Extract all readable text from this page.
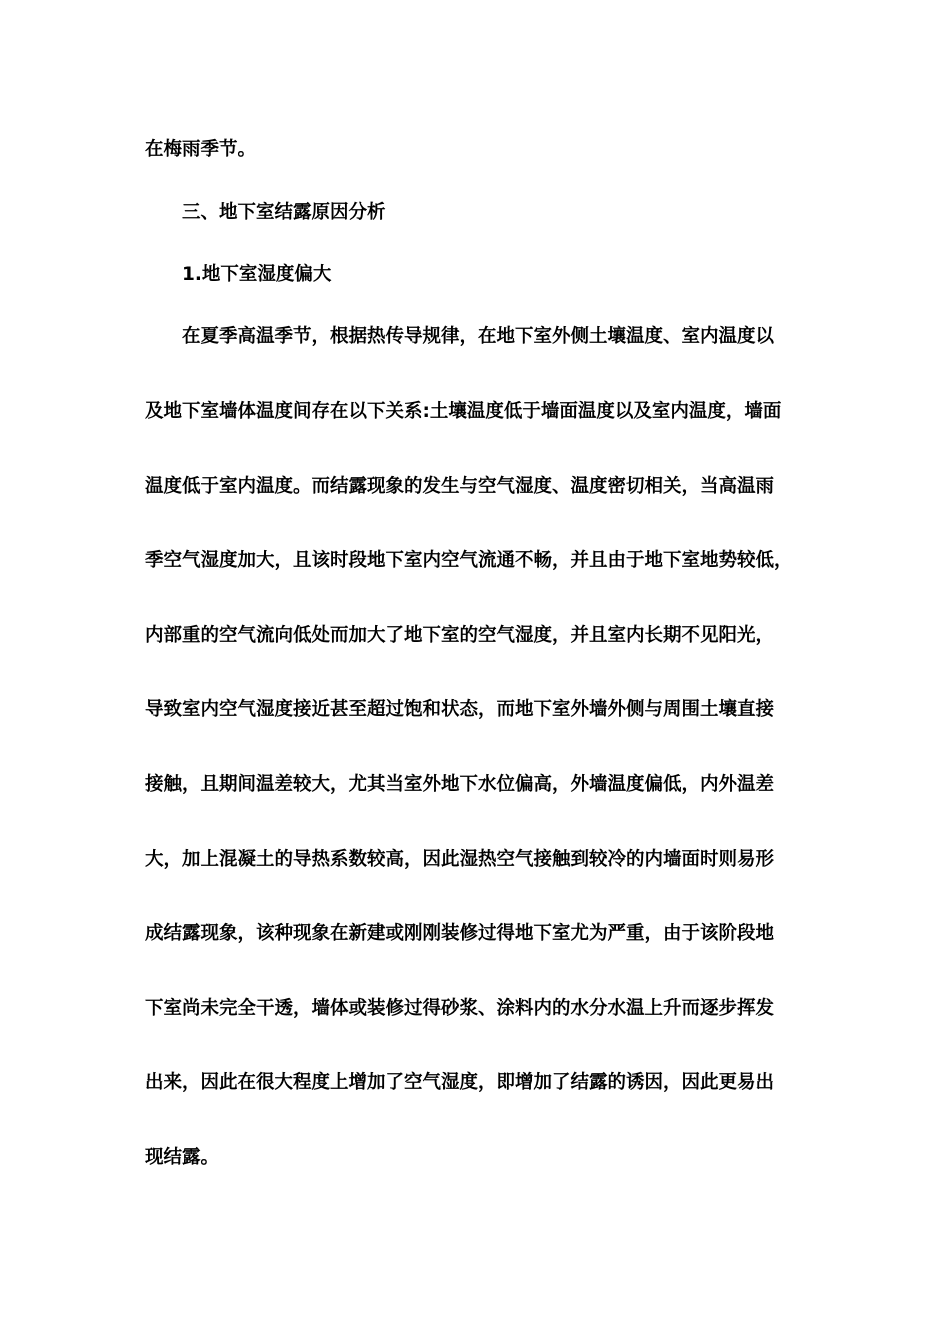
在梅雨季节。
三、地下室结露原因分析
1.地下室湿度偏大
在夏季高温季节，根据热传导规律，在地下室外侧土壤温度、室内温度以
及地下室墙体温度间存在以下关系:土壤温度低于墙面温度以及室内温度，墙面
温度低于室内温度。而结露现象的发生与空气湿度、温度密切相关，当高温雨
季空气湿度加大，且该时段地下室内空气流通不畅，并且由于地下室地势较低，
内部重的空气流向低处而加大了地下室的空气湿度，并且室内长期不见阳光，
导致室内空气湿度接近甚至超过饱和状态，而地下室外墙外侧与周围土壤直接
接触，且期间温差较大，尤其当室外地下水位偏高，外墙温度偏低，内外温差
大，加上混凝土的导热系数较高，因此湿热空气接触到较冷的内墙面时则易形
成结露现象，该种现象在新建或刚刚装修过得地下室尤为严重，由于该阶段地
下室尚未完全干透，墙体或装修过得砂浆、涂料内的水分水温上升而逐步挥发
出来，因此在很大程度上增加了空气湿度，即增加了结露的诱因，因此更易出
现结露。
